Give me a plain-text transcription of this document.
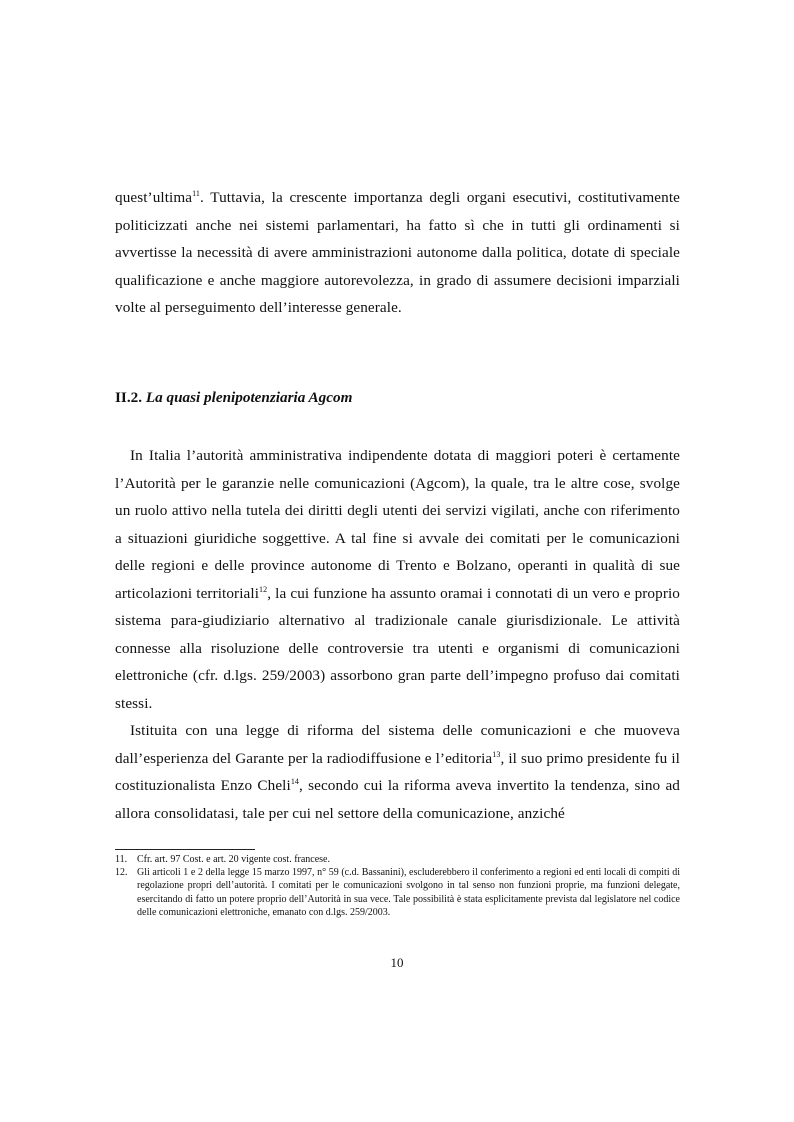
quest’ultima$^{11}$. Tuttavia, la crescente importanza degli organi esecutivi, costitutivamente politicizzati anche nei sistemi parlamentari, ha fatto sì che in tutti gli ordinamenti si avvertisse la necessità di avere amministrazioni autonome dalla politica, dotate di speciale qualificazione e anche maggiore autorevolezza, in grado di assumere decisioni imparziali volte al perseguimento dell’interesse generale.

II.2. La quasi plenipotenziaria Agcom

In Italia l’autorità amministrativa indipendente dotata di maggiori poteri è certamente l’Autorità per le garanzie nelle comunicazioni (Agcom), la quale, tra le altre cose, svolge un ruolo attivo nella tutela dei diritti degli utenti dei servizi vigilati, anche con riferimento a situazioni giuridiche soggettive. A tal fine si avvale dei comitati per le comunicazioni delle regioni e delle province autonome di Trento e Bolzano, operanti in qualità di sue articolazioni territoriali$^{12}$, la cui funzione ha assunto oramai i connotati di un vero e proprio sistema para-giudiziario alternativo al tradizionale canale giurisdizionale. Le attività connesse alla risoluzione delle controversie tra utenti e organismi di comunicazioni elettroniche (cfr. d.lgs. 259/2003) assorbono gran parte dell’impegno profuso dai comitati stessi.

Istituita con una legge di riforma del sistema delle comunicazioni e che muoveva dall’esperienza del Garante per la radiodiffusione e l’editoria$^{13}$, il suo primo presidente fu il costituzionalista Enzo Cheli$^{14}$, secondo cui la riforma aveva invertito la tendenza, sino ad allora consolidatasi, tale per cui nel settore della comunicazione, anziché

11. Cfr. art. 97 Cost. e art. 20 vigente cost. francese.

12. Gli articoli 1 e 2 della legge 15 marzo 1997, n° 59 (c.d. Bassanini), escluderebbero il conferimento a regioni ed enti locali di compiti di regolazione propri dell’autorità. I comitati per le comunicazioni svolgono in tal senso non funzioni proprie, ma funzioni delegate, esercitando di fatto un potere proprio dell’Autorità in sua vece. Tale possibilità è stata esplicitamente prevista dal legislatore nel codice delle comunicazioni elettroniche, emanato con d.lgs. 259/2003.

10
